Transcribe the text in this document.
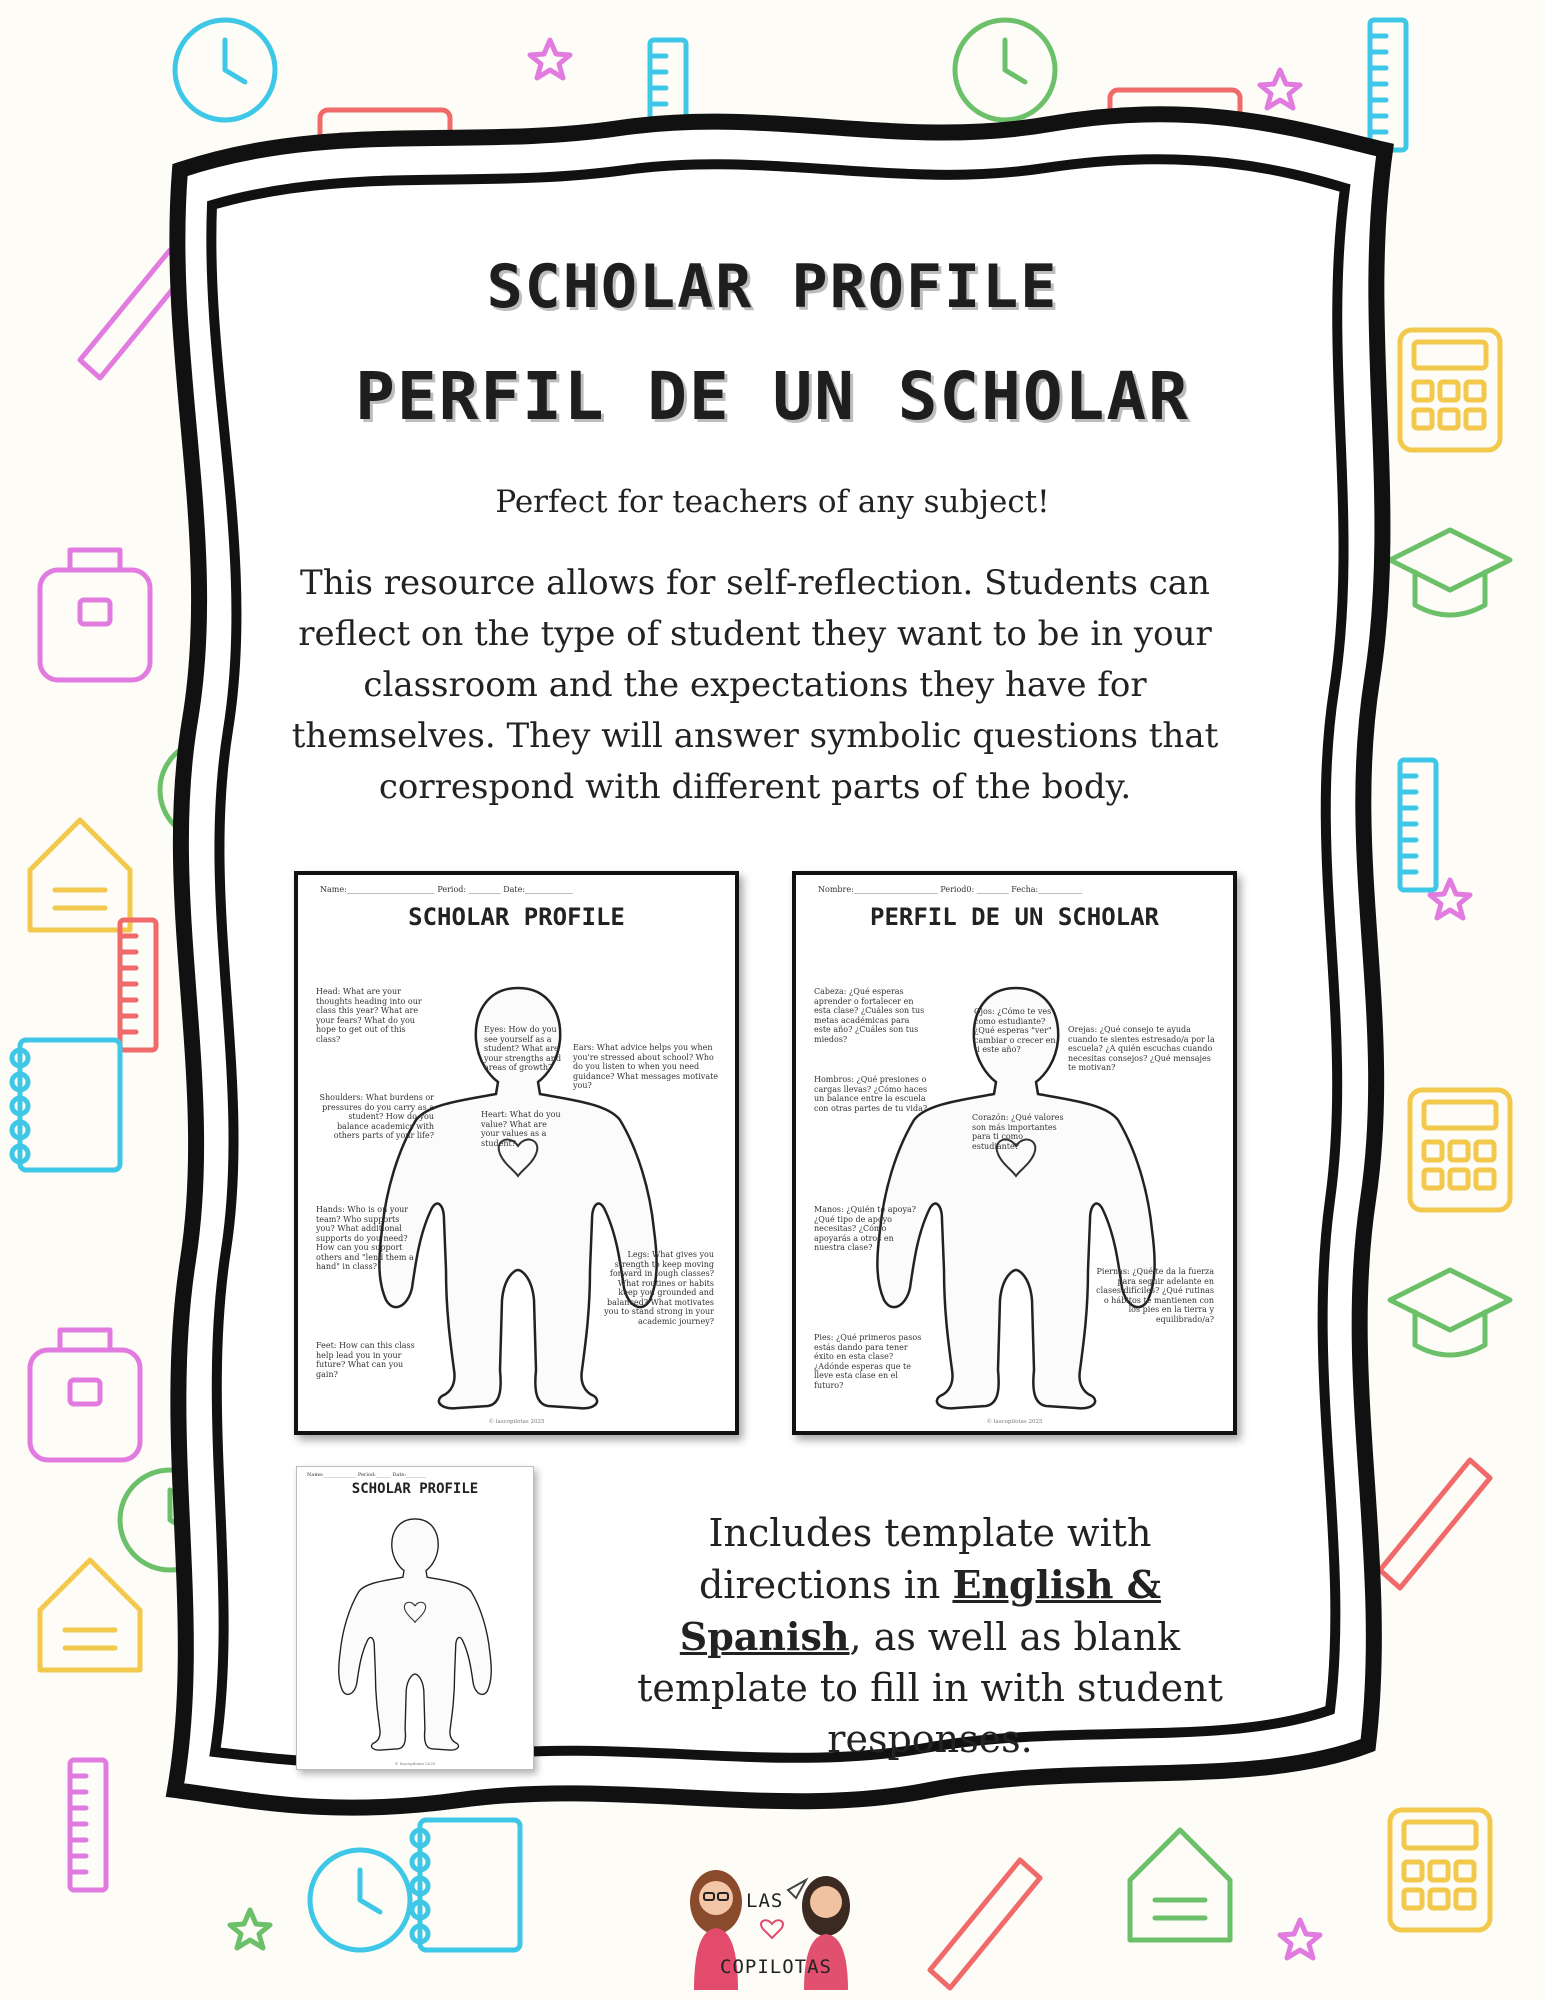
SCHOLAR PROFILE
PERFIL DE UN SCHOLAR
Perfect for teachers of any subject!
This resource allows for self-reflection. Students can reflect on the type of student they want to be in your classroom and the expectations they have for themselves. They will answer symbolic questions that correspond with different parts of the body.
Name:______________________ Period: ________ Date:____________
SCHOLAR PROFILE
Head: What are your thoughts heading into our class this year? What are your fears? What do you hope to get out of this class?
Eyes: How do you see yourself as a student? What are your strengths and areas of growth?
Ears: What advice helps you when you're stressed about school? Who do you listen to when you need guidance? What messages motivate you?
Shoulders: What burdens or pressures do you carry as a student? How do you balance academics with others parts of your life?
Heart: What do you value? What are your values as a student?
Hands: Who is on your team? Who supports you? What additional supports do you need? How can you support others and "lend them a hand" in class?
Legs: What gives you strength to keep moving forward in tough classes? What routines or habits keep you grounded and balanced? What motivates you to stand strong in your academic journey?
Feet: How can this class help lead you in your future? What can you gain?
© lascopilotas 2025
Nombre:_____________________ Period0: ________ Fecha:___________
PERFIL DE UN SCHOLAR
Cabeza: ¿Qué esperas aprender o fortalecer en esta clase? ¿Cuáles son tus metas académicas para este año? ¿Cuáles son tus miedos?
Ojos: ¿Cómo te ves como estudiante? ¿Qué esperas "ver" cambiar o crecer en ti este año?
Orejas: ¿Qué consejo te ayuda cuando te sientes estresado/a por la escuela? ¿A quién escuchas cuando necesitas consejos? ¿Qué mensajes te motivan?
Hombros: ¿Qué presiones o cargas llevas? ¿Cómo haces un balance entre la escuela con otras partes de tu vida?
Corazón: ¿Qué valores son más importantes para ti como estudiante?
Manos: ¿Quién te apoya? ¿Qué tipo de apoyo necesitas? ¿Cómo apoyarás a otros en nuestra clase?
Piernas: ¿Qué te da la fuerza para seguir adelante en clases difíciles? ¿Qué rutinas o hábitos te mantienen con los pies en la tierra y equilibrado/a?
Pies: ¿Qué primeros pasos estás dando para tener éxito en esta clase? ¿Adónde esperas que te lleve esta clase en el futuro?
© lascopilotas 2025
Name:_____________ Period:______ Date:________
SCHOLAR PROFILE
© lascopilotas 2025
Includes template with directions in English & Spanish, as well as blank template to fill in with student responses.
LAS
COPILOTAS
